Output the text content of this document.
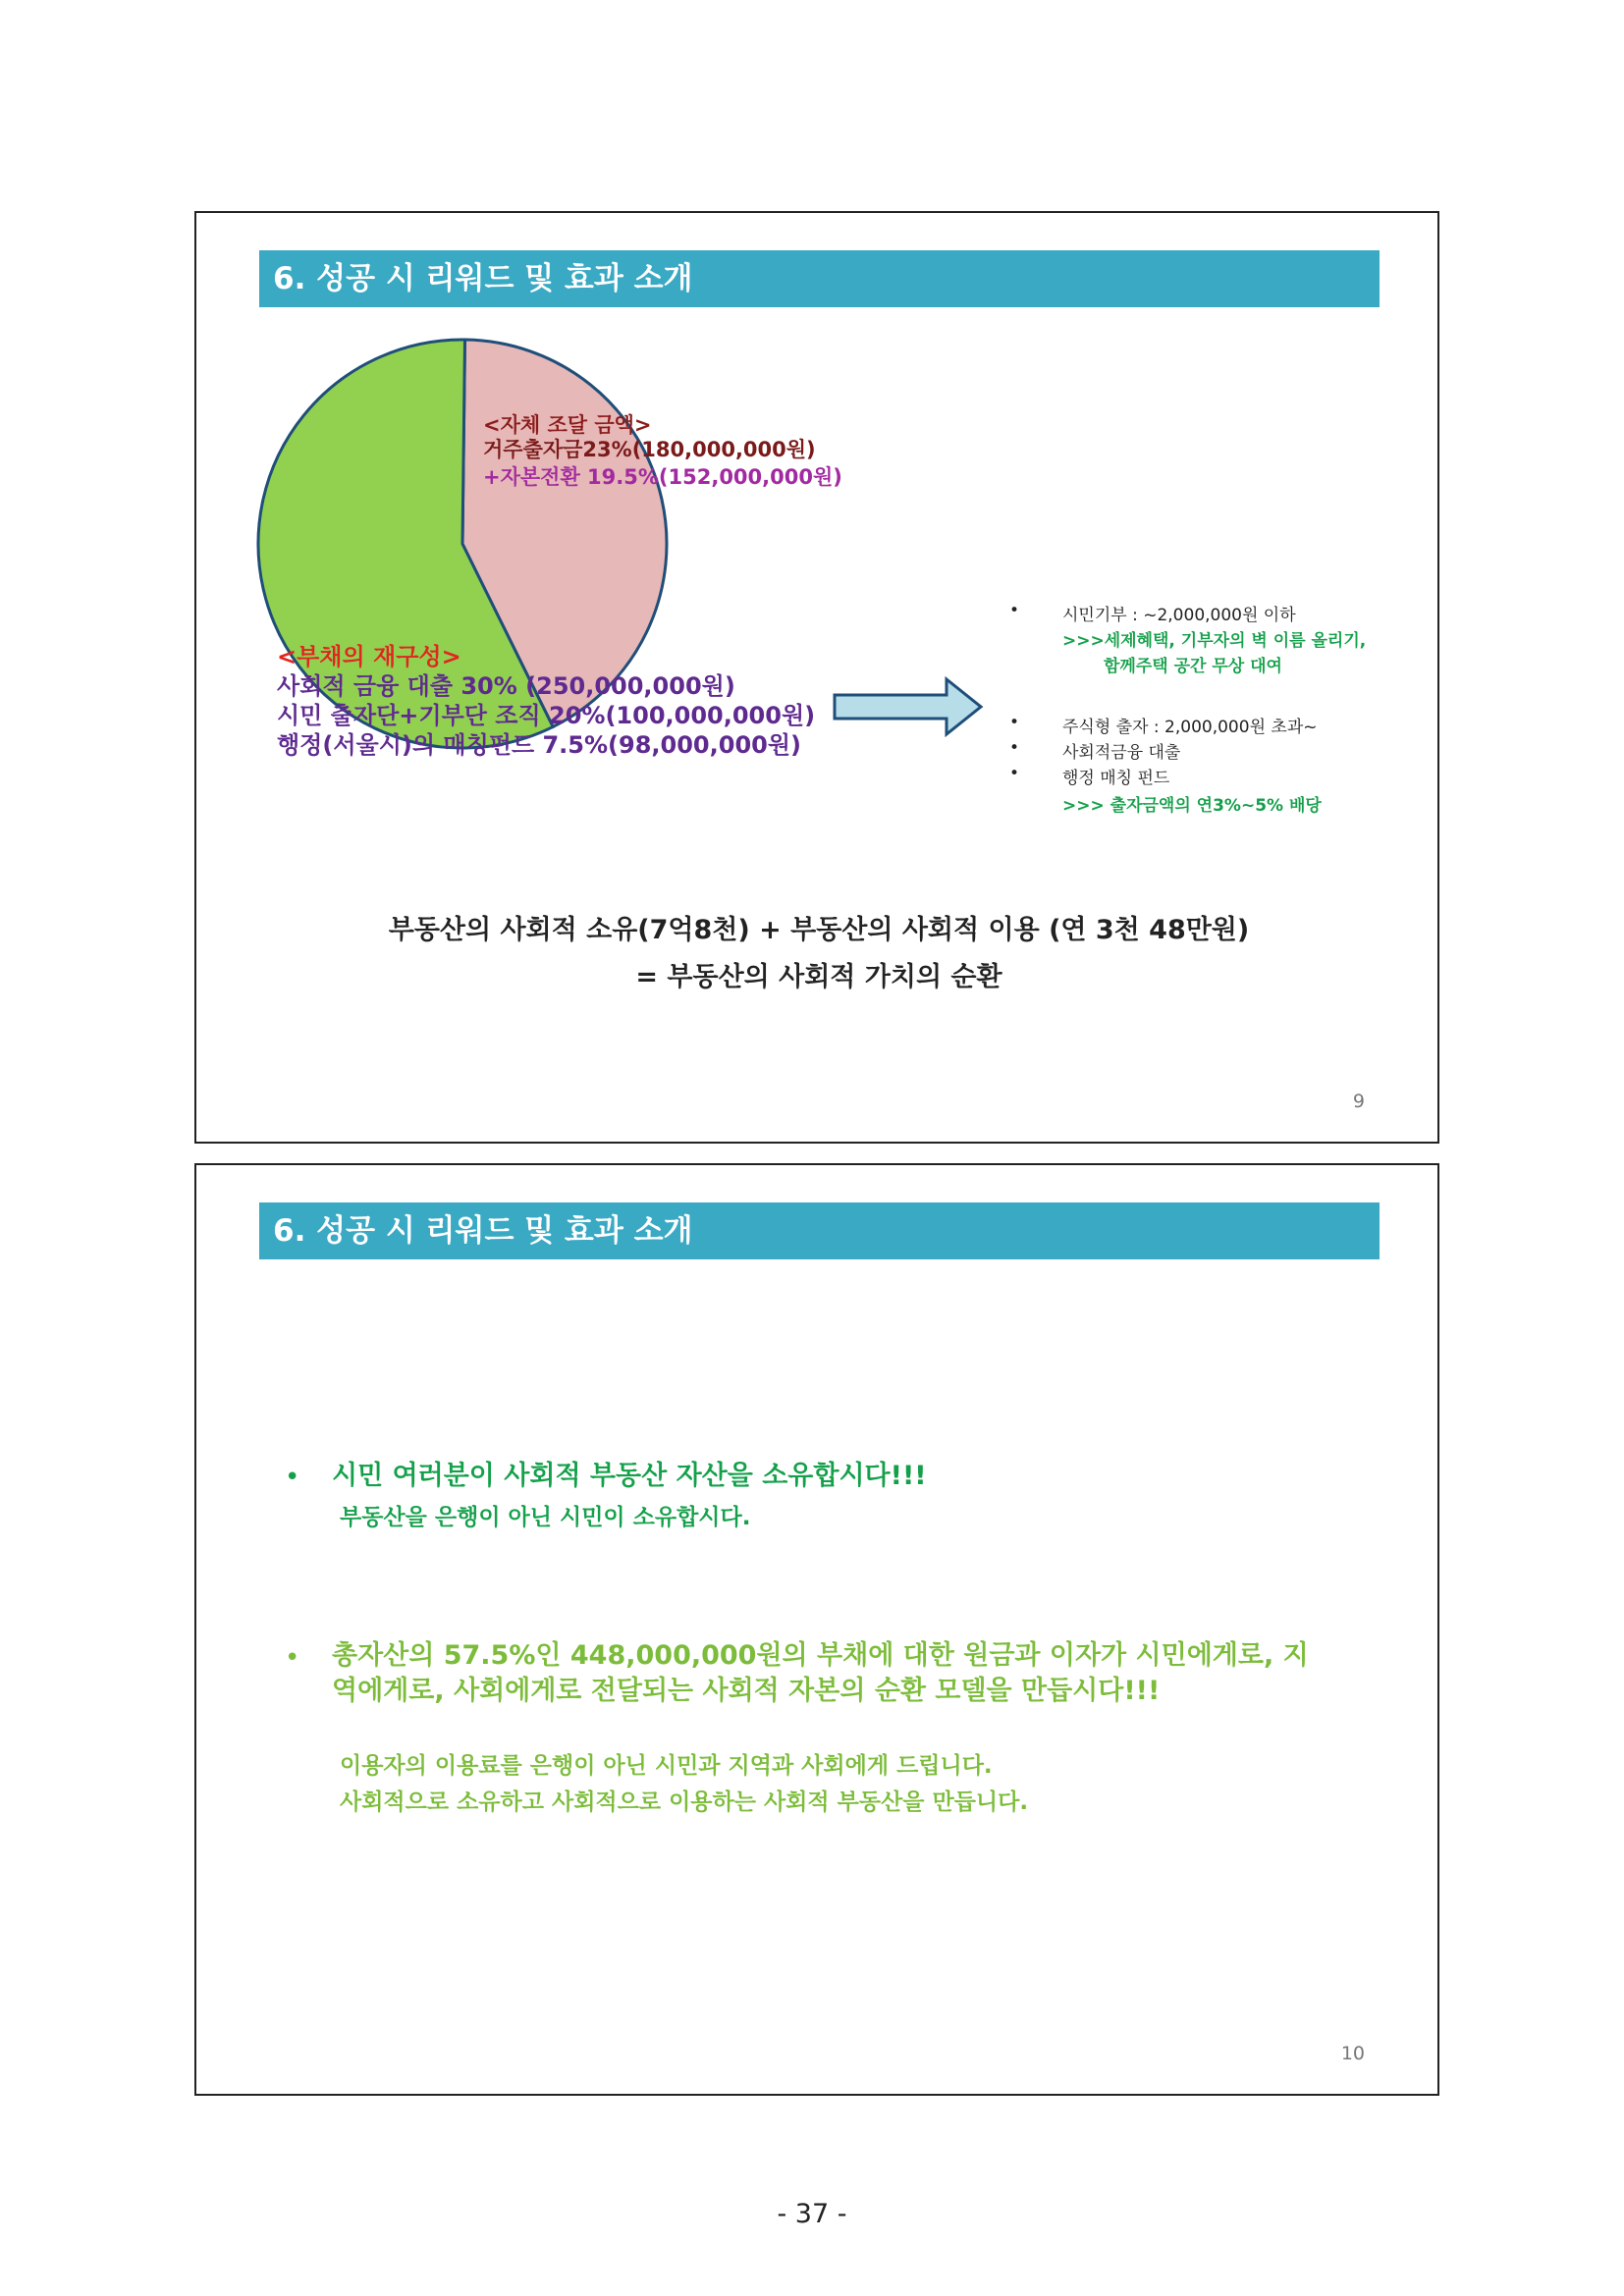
6. 성공 시 리워드 및 효과 소개
<자체 조달 금액>
거주출자금23%(180,000,000원)
+자본전환 19.5%(152,000,000원)
<부채의 재구성>
사회적 금융 대출 30% (250,000,000원)
시민 출자단+기부단 조직 20%(100,000,000원)
행정(서울시)의 매칭펀드 7.5%(98,000,000원)
•	시민기부 : ~2,000,000원 이하
>>>세제혜택, 기부자의 벽 이름 올리기,
함께주택 공간 무상 대여
•	주식형 출자 : 2,000,000원 초과~
•	사회적금융 대출
•	행정 매칭 펀드
>>> 출자금액의 연3%~5% 배당
부동산의 사회적 소유(7억8천) + 부동산의 사회적 이용 (연 3천 48만원)
= 부동산의 사회적 가치의 순환
9
6. 성공 시 리워드 및 효과 소개
• 시민 여러분이 사회적 부동산 자산을 소유합시다!!!
부동산을 은행이 아닌 시민이 소유합시다.
• 총자산의 57.5%인 448,000,000원의 부채에 대한 원금과 이자가 시민에게로, 지
역에게로, 사회에게로 전달되는 사회적 자본의 순환 모델을 만듭시다!!!
이용자의 이용료를 은행이 아닌 시민과 지역과 사회에게 드립니다.
사회적으로 소유하고 사회적으로 이용하는 사회적 부동산을 만듭니다.
10
- 37 -
